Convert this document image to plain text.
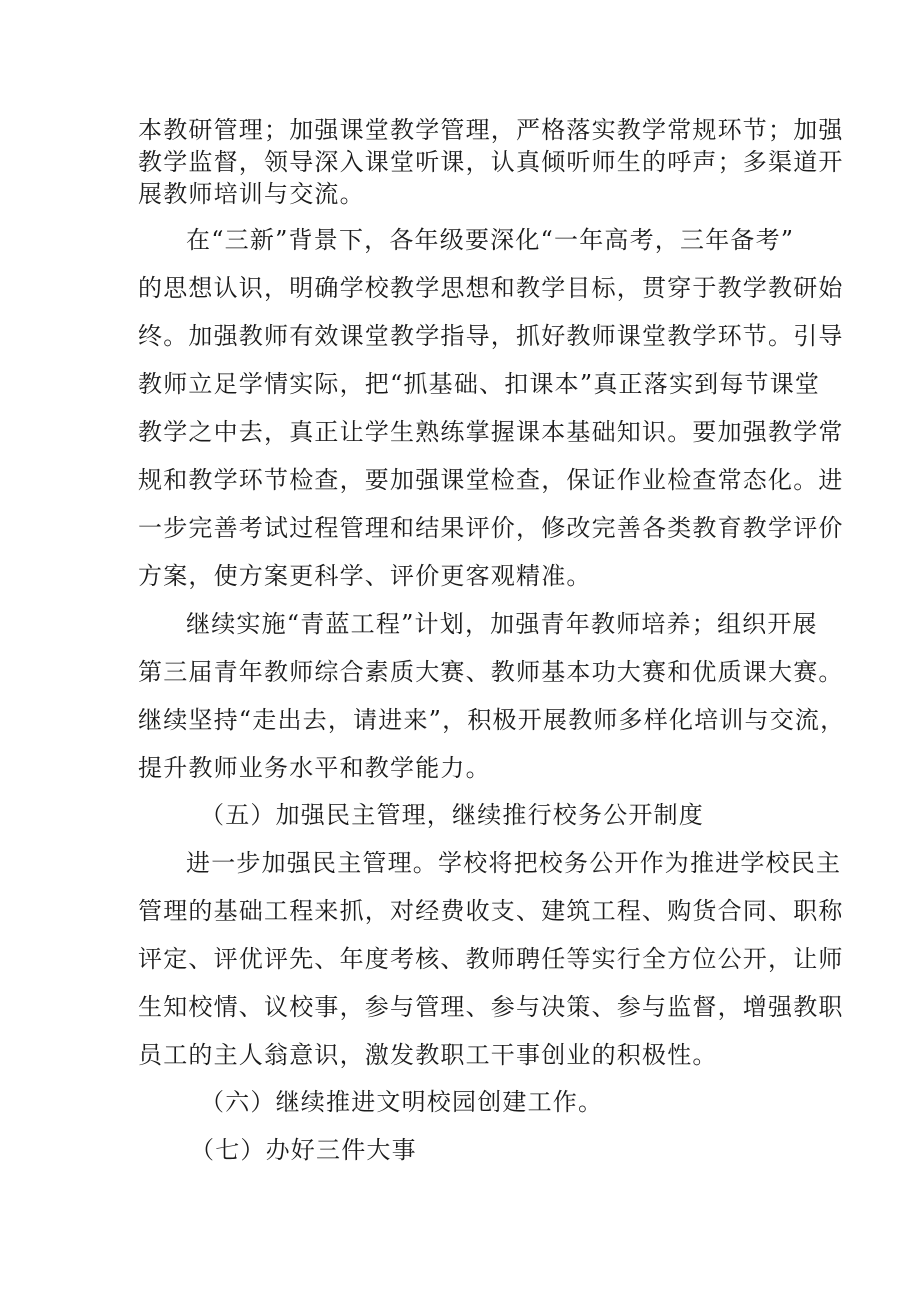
本教研管理；加强课堂教学管理，严格落实教学常规环节；加强
教学监督，领导深入课堂听课，认真倾听师生的呼声；多渠道开
展教师培训与交流。
在“三新”背景下，各年级要深化“一年高考，三年备考”
的思想认识，明确学校教学思想和教学目标，贯穿于教学教研始
终。加强教师有效课堂教学指导，抓好教师课堂教学环节。引导
教师立足学情实际，把“抓基础、扣课本”真正落实到每节课堂
教学之中去，真正让学生熟练掌握课本基础知识。要加强教学常
规和教学环节检查，要加强课堂检查，保证作业检查常态化。进
一步完善考试过程管理和结果评价，修改完善各类教育教学评价
方案，使方案更科学、评价更客观精准。
继续实施“青蓝工程”计划，加强青年教师培养；组织开展
第三届青年教师综合素质大赛、教师基本功大赛和优质课大赛。
继续坚持“走出去，请进来”，积极开展教师多样化培训与交流，
提升教师业务水平和教学能力。
（五）加强民主管理，继续推行校务公开制度
进一步加强民主管理。学校将把校务公开作为推进学校民主
管理的基础工程来抓，对经费收支、建筑工程、购货合同、职称
评定、评优评先、年度考核、教师聘任等实行全方位公开，让师
生知校情、议校事，参与管理、参与决策、参与监督，增强教职
员工的主人翁意识，激发教职工干事创业的积极性。
（六）继续推进文明校园创建工作。
（七）办好三件大事
